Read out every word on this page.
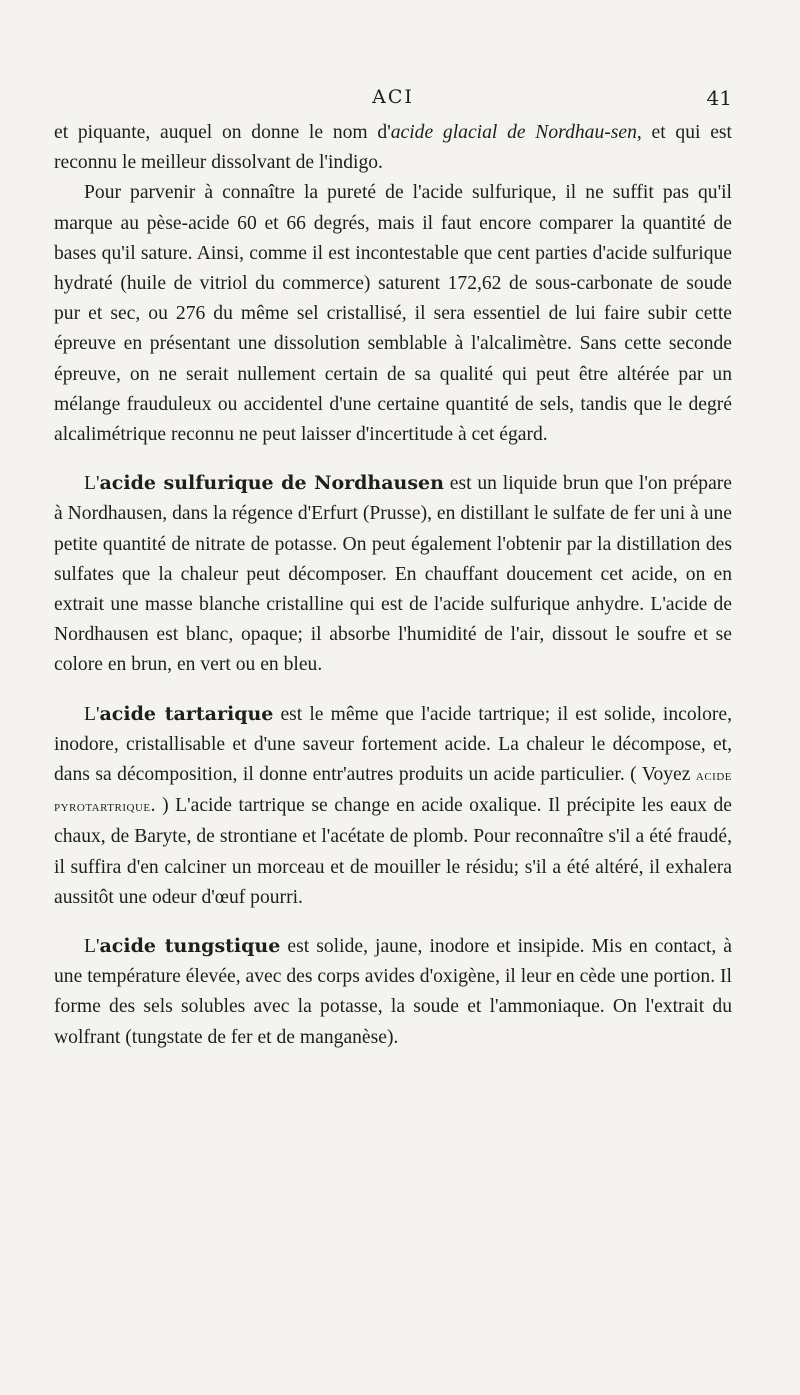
ACI	41

et piquante, auquel on donne le nom d'acide glacial de Nordhau-sen, et qui est reconnu le meilleur dissolvant de l'indigo.

Pour parvenir à connaître la pureté de l'acide sulfurique, il ne suffit pas qu'il marque au pèse-acide 60 et 66 degrés, mais il faut encore comparer la quantité de bases qu'il sature. Ainsi, comme il est incontestable que cent parties d'acide sulfurique hydraté (huile de vitriol du commerce) saturent 172,62 de sous-carbonate de soude pur et sec, ou 276 du même sel cristallisé, il sera essentiel de lui faire subir cette épreuve en présentant une dissolution semblable à l'alcalimètre. Sans cette seconde épreuve, on ne serait nullement certain de sa qualité qui peut être altérée par un mélange frauduleux ou accidentel d'une certaine quantité de sels, tandis que le degré alcalimétrique reconnu ne peut laisser d'incertitude à cet égard.

L'acide sulfurique de Nordhausen est un liquide brun que l'on prépare à Nordhausen, dans la régence d'Erfurt (Prusse), en distillant le sulfate de fer uni à une petite quantité de nitrate de potasse. On peut également l'obtenir par la distillation des sulfates que la chaleur peut décomposer. En chauffant doucement cet acide, on en extrait une masse blanche cristalline qui est de l'acide sulfurique anhydre. L'acide de Nordhausen est blanc, opaque; il absorbe l'humidité de l'air, dissout le soufre et se colore en brun, en vert ou en bleu.

L'acide tartarique est le même que l'acide tartrique; il est solide, incolore, inodore, cristallisable et d'une saveur fortement acide. La chaleur le décompose, et, dans sa décomposition, il donne entr'autres produits un acide particulier. ( Voyez acide pyrotartrique. ) L'acide tartrique se change en acide oxalique. Il précipite les eaux de chaux, de Baryte, de strontiane et l'acétate de plomb. Pour reconnaître s'il a été fraudé, il suffira d'en calciner un morceau et de mouiller le résidu; s'il a été altéré, il exhalera aussitôt une odeur d'œuf pourri.

L'acide tungstique est solide, jaune, inodore et insipide. Mis en contact, à une température élevée, avec des corps avides d'oxigène, il leur en cède une portion. Il forme des sels solubles avec la potasse, la soude et l'ammoniaque. On l'extrait du wolfrant (tungstate de fer et de manganèse).
